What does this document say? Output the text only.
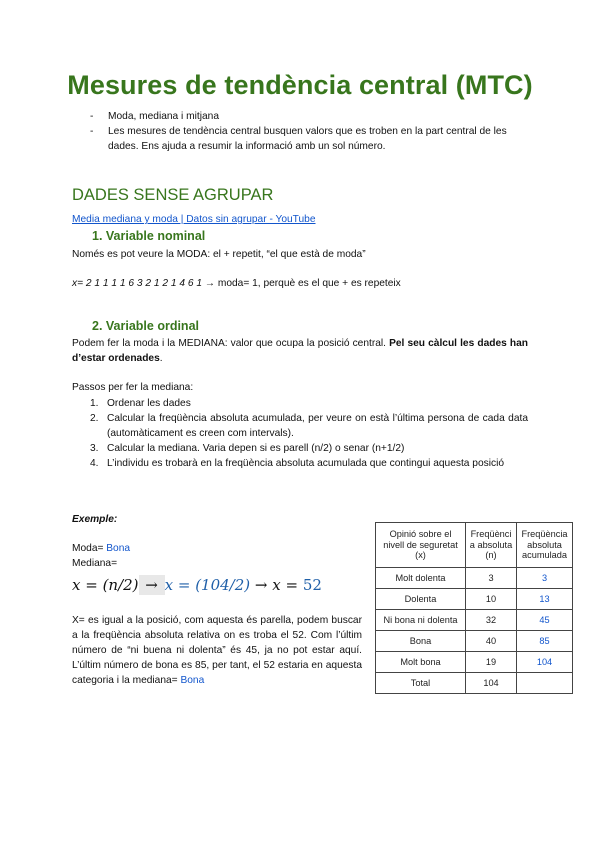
Mesures de tendència central (MTC)
- Moda, mediana i mitjana
- Les mesures de tendència central busquen valors que es troben en la part central de les dades. Ens ajuda a resumir la informació amb un sol número.
DADES SENSE AGRUPAR
Media mediana y moda | Datos sin agrupar - YouTube
1. Variable nominal
Només es pot veure la MODA: el + repetit, “el que està de moda”
x= 2 1 1 1 1 6 3 2 1 2 1 4 6 1 → moda= 1, perquè es el que + es repeteix
2. Variable ordinal
Podem fer la moda i la MEDIANA: valor que ocupa la posició central. Pel seu càlcul les dades han d’estar ordenades.
Passos per fer la mediana:
1. Ordenar les dades
2. Calcular la freqüència absoluta acumulada, per veure on està l’última persona de cada data (automàticament es creen com intervals).
3. Calcular la mediana. Varia depen si es parell (n/2) o senar (n+1/2)
4. L’individu es trobarà en la freqüència absoluta acumulada que contingui aquesta posició
Exemple:
Moda= Bona
Mediana=
x = (n/2) → x = (104/2) → x = 52
X= es igual a la posició, com aquesta és parella, podem buscar a la freqüència absoluta relativa on es troba el 52. Com l’últim número de “ni buena ni dolenta” és 45, ja no pot estar aquí. L’últim número de bona es 85, per tant, el 52 estaria en aquesta categoria i la mediana= Bona
Opinió sobre el nivell de seguretat (x)	Freqüènci a absoluta (n)	Freqüència absoluta acumulada
Molt dolenta	3	3
Dolenta	10	13
Ni bona ni dolenta	32	45
Bona	40	85
Molt bona	19	104
Total	104	
